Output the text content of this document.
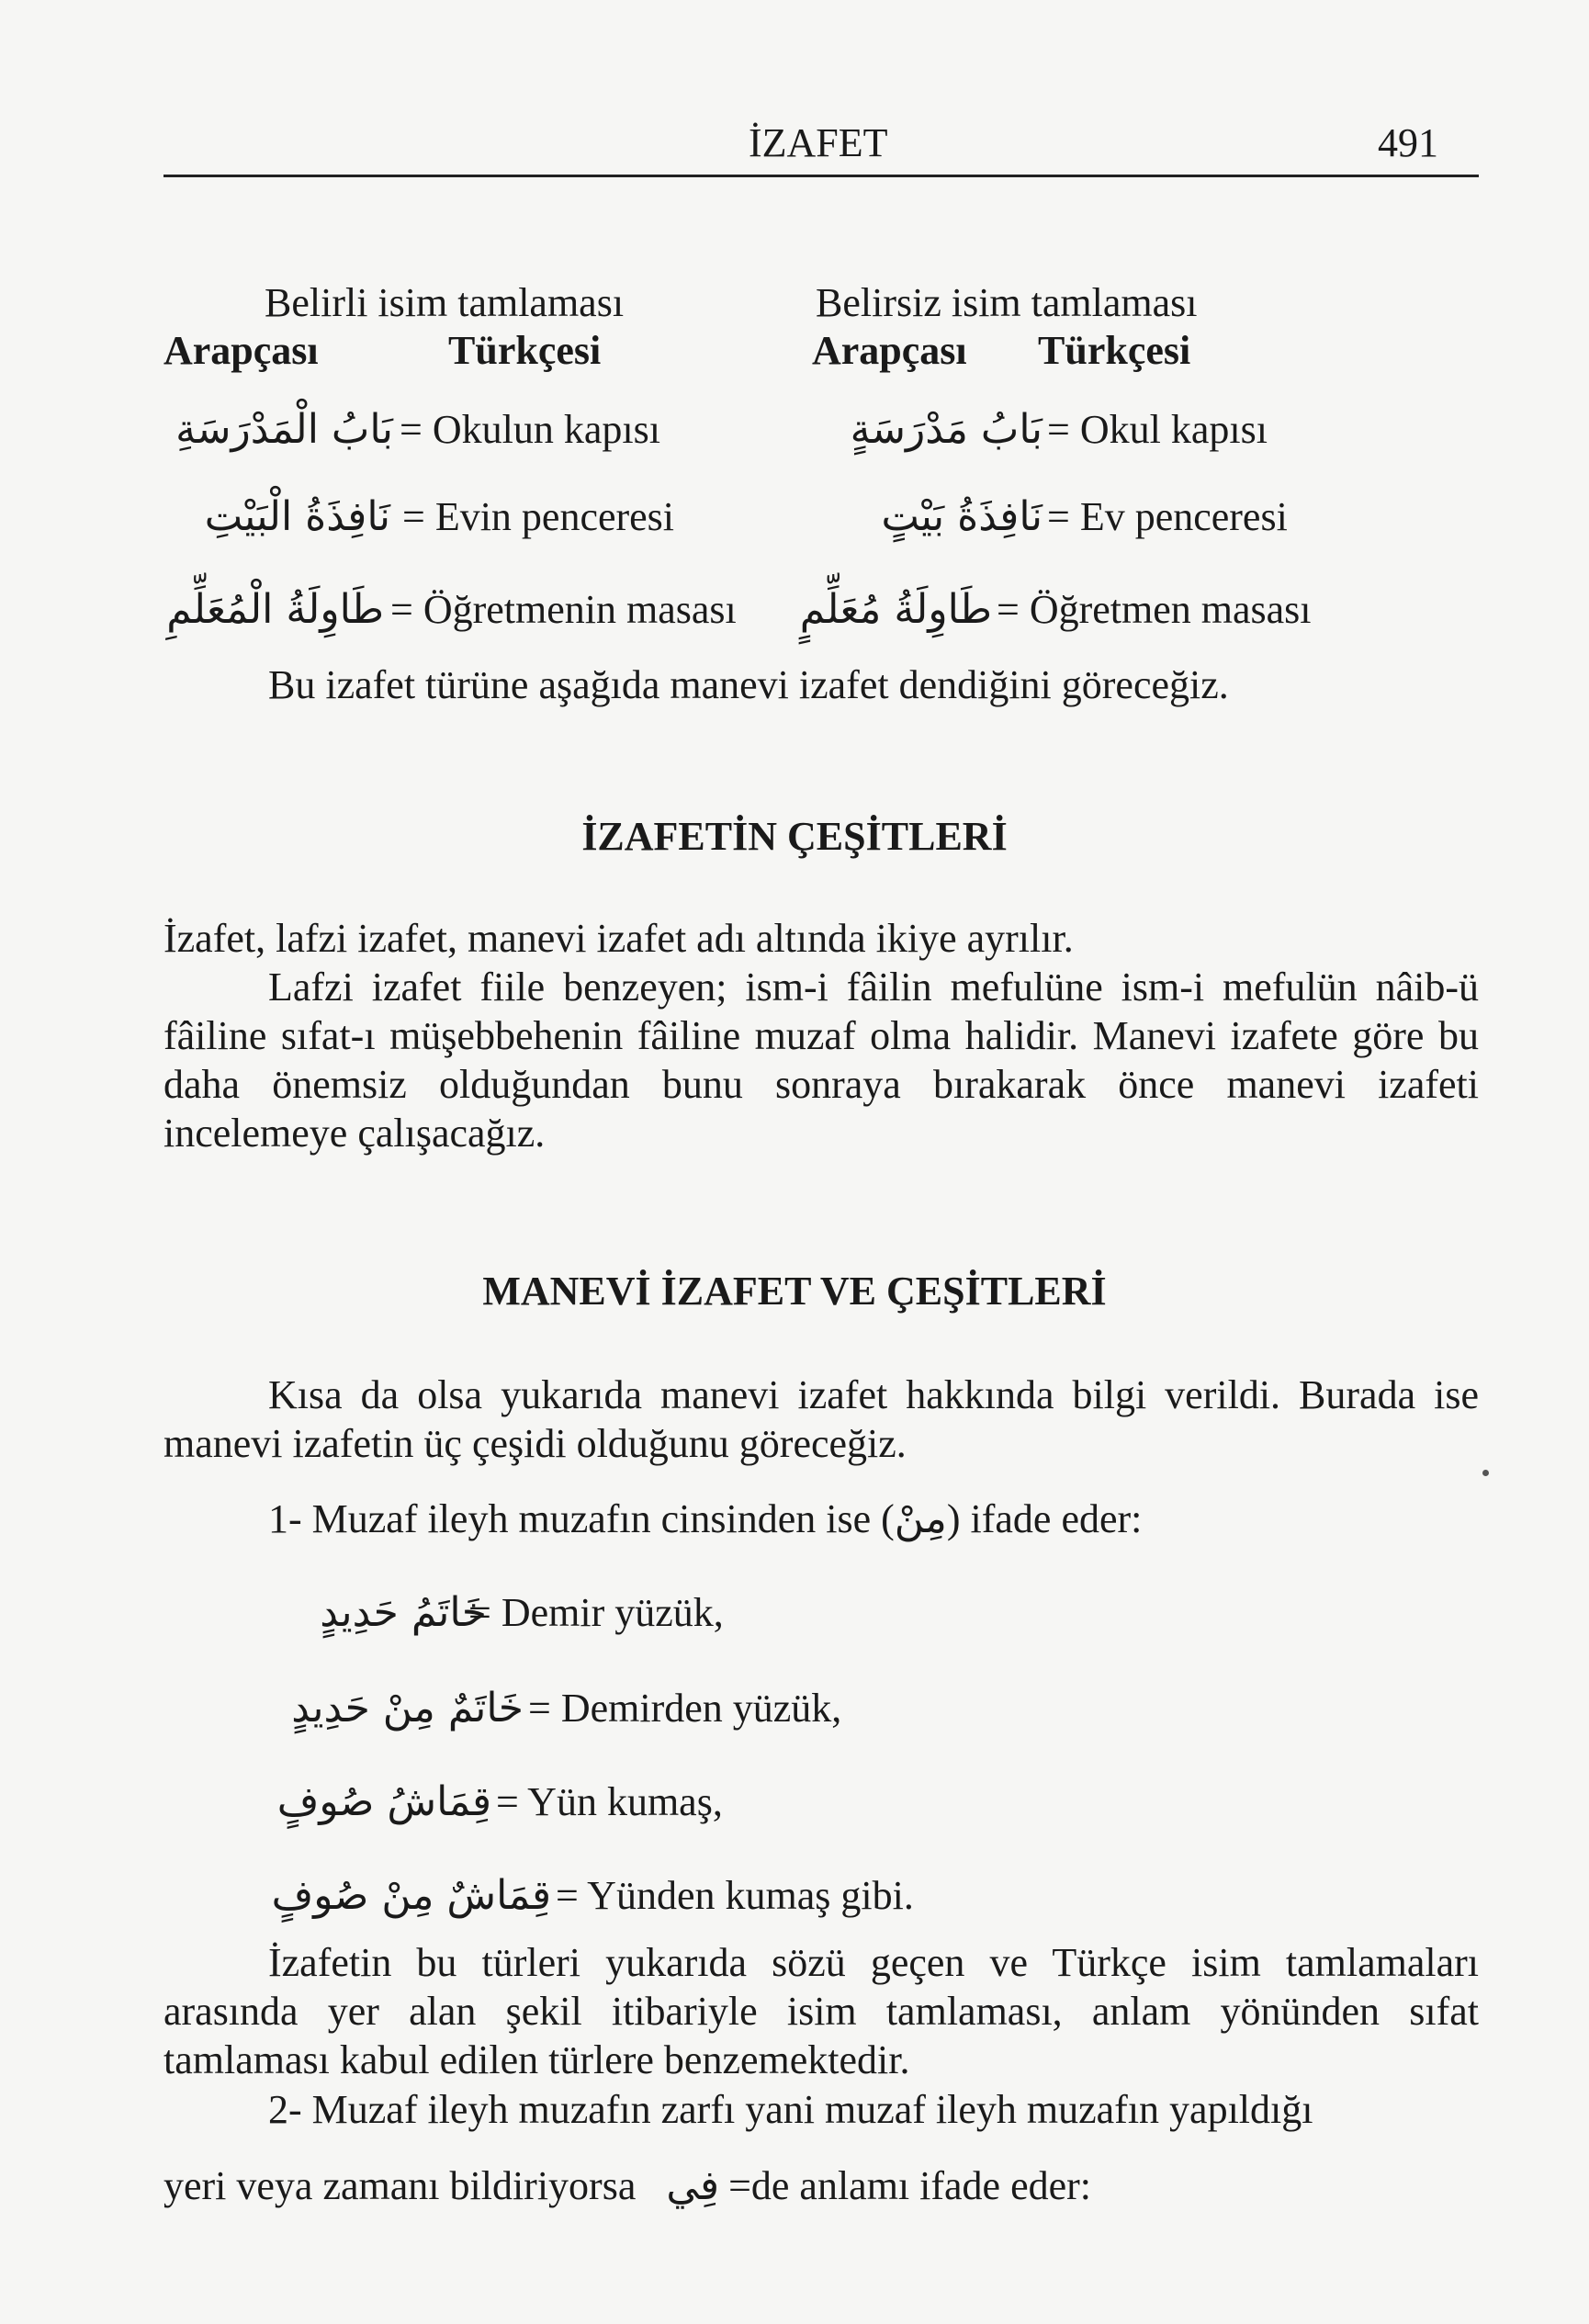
İZAFET	491
Belirli isim tamlaması	Belirsiz isim tamlaması
Arapçası	Türkçesi	Arapçası Türkçesi
بَابُ الْمَدْرَسَةِ = Okulun kapısı	بَابُ مَدْرَسَةٍ = Okul kapısı
نَافِذَةُ الْبَيْتِ = Evin penceresi	نَافِذَةُ بَيْتٍ = Ev penceresi
طَاوِلَةُ الْمُعَلِّمِ = Öğretmenin masası طَاوِلَةُ مُعَلِّمٍ = Öğretmen masası
Bu izafet türüne aşağıda manevi izafet dendiğini göreceğiz.
İZAFETİN ÇEŞİTLERİ
İzafet, lafzi izafet, manevi izafet adı altında ikiye ayrılır.
Lafzi izafet fiile benzeyen; ism-i fâilin mefulüne ism-i mefulün nâib-ü fâiline sıfat-ı müşebbehenin fâiline muzaf olma halidir. Manevi izafete göre bu daha önemsiz olduğundan bunu sonraya bırakarak önce manevi izafeti incelemeye çalışacağız.
MANEVİ İZAFET VE ÇEŞİTLERİ
Kısa da olsa yukarıda manevi izafet hakkında bilgi verildi. Burada ise manevi izafetin üç çeşidi olduğunu göreceğiz.
1- Muzaf ileyh muzafın cinsinden ise (مِنْ) ifade eder:
خَاتَمُ حَدِيدٍ
= Demir yüzük,
خَاتَمٌ مِنْ حَدِيدٍ = Demirden yüzük,
قِمَاشُ صُوفٍ = Yün kumaş,
قِمَاشٌ مِنْ صُوفٍ = Yünden kumaş gibi.
İzafetin bu türleri yukarıda sözü geçen ve Türkçe isim tamlamaları arasında yer alan şekil itibariyle isim tamlaması, anlam yönünden sıfat tamlaması kabul edilen türlere benzemektedir.
2- Muzaf ileyh muzafın zarfı yani muzaf ileyh muzafın yapıldığı
yeri veya zamanı bildiriyorsa فِي =de anlamı ifade eder:
